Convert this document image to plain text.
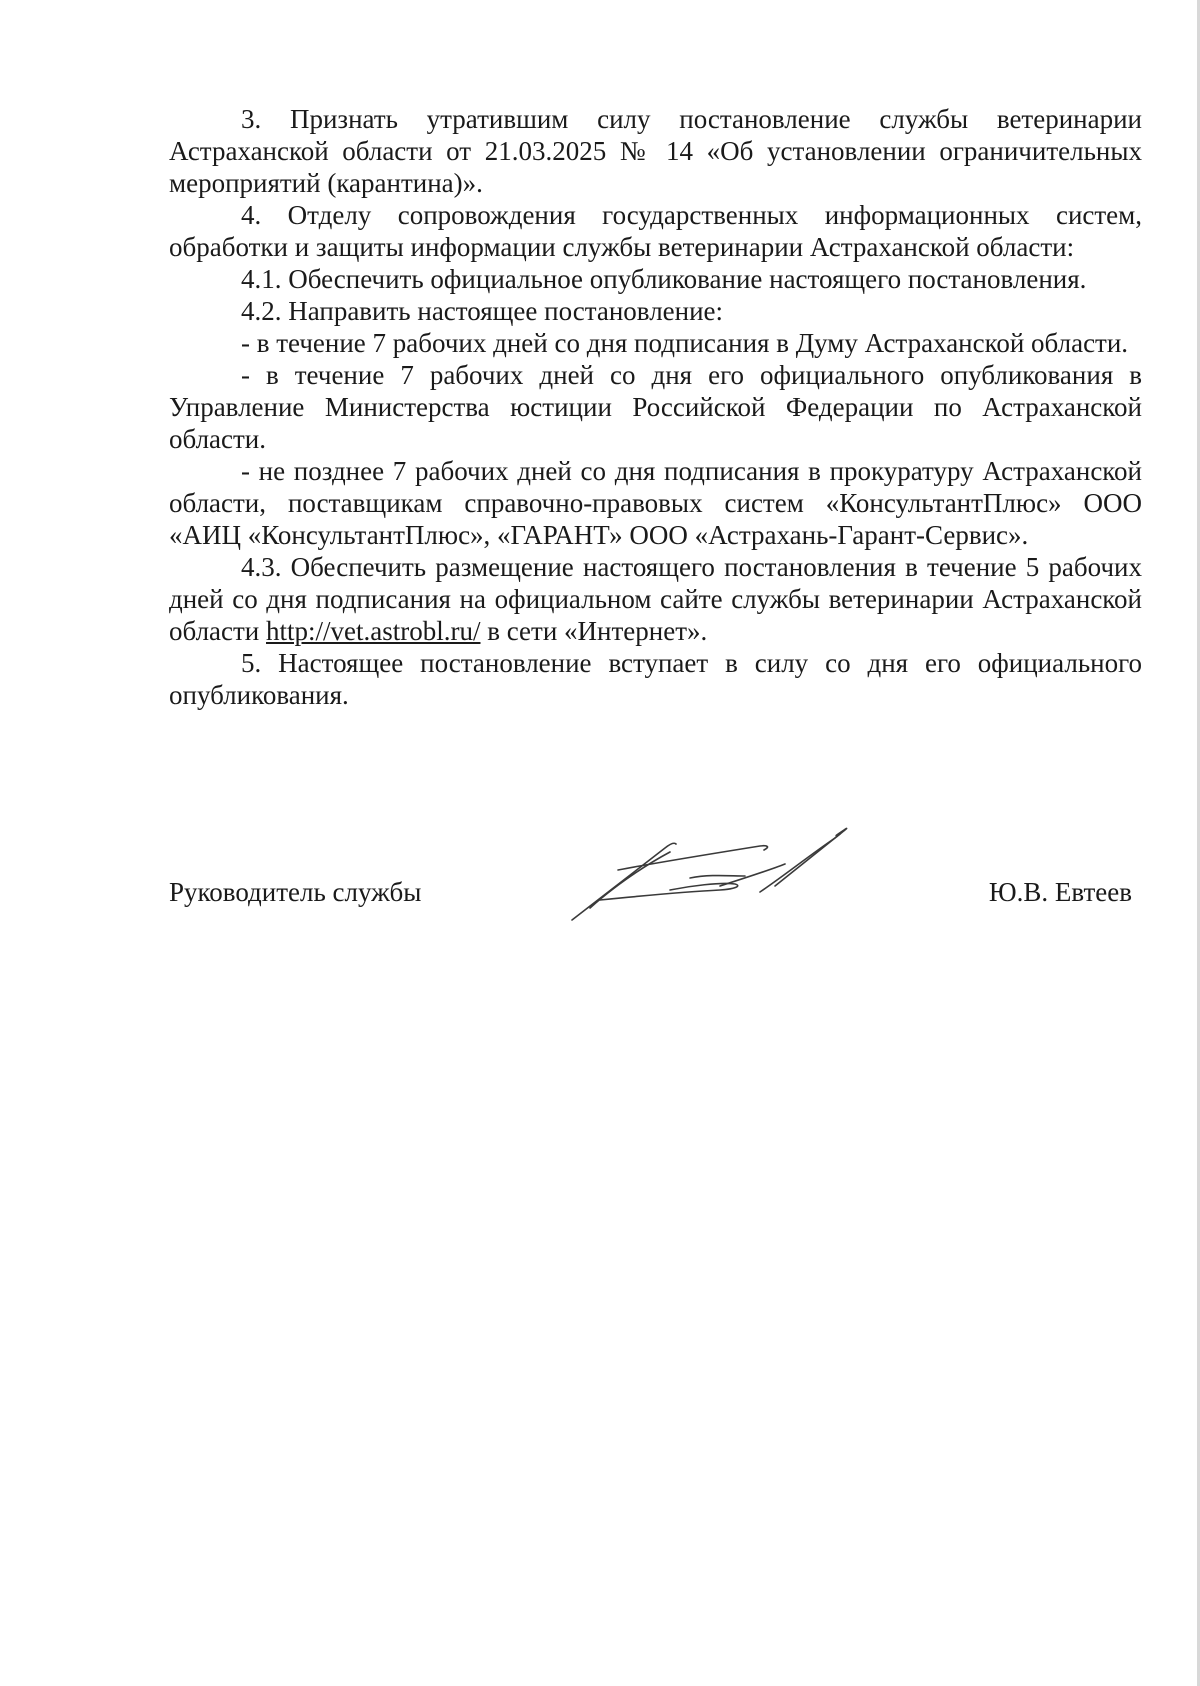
3. Признать утратившим силу постановление службы ветеринарии Астраханской области от 21.03.2025 № 14 «Об установлении ограничительных мероприятий (карантина)».

4. Отделу сопровождения государственных информационных систем, обработки и защиты информации службы ветеринарии Астраханской области:

4.1. Обеспечить официальное опубликование настоящего постановления.

4.2. Направить настоящее постановление:

- в течение 7 рабочих дней со дня подписания в Думу Астраханской области.

- в течение 7 рабочих дней со дня его официального опубликования в Управление Министерства юстиции Российской Федерации по Астраханской области.

- не позднее 7 рабочих дней со дня подписания в прокуратуру Астраханской области, поставщикам справочно-правовых систем «КонсультантПлюс» ООО «АИЦ «КонсультантПлюс», «ГАРАНТ» ООО «Астрахань-Гарант-Сервис».

4.3. Обеспечить размещение настоящего постановления в течение 5 рабочих дней со дня подписания на официальном сайте службы ветеринарии Астраханской области http://vet.astrobl.ru/ в сети «Интернет».

5. Настоящее постановление вступает в силу со дня его официального опубликования.

Руководитель службы	Ю.В. Евтеев
